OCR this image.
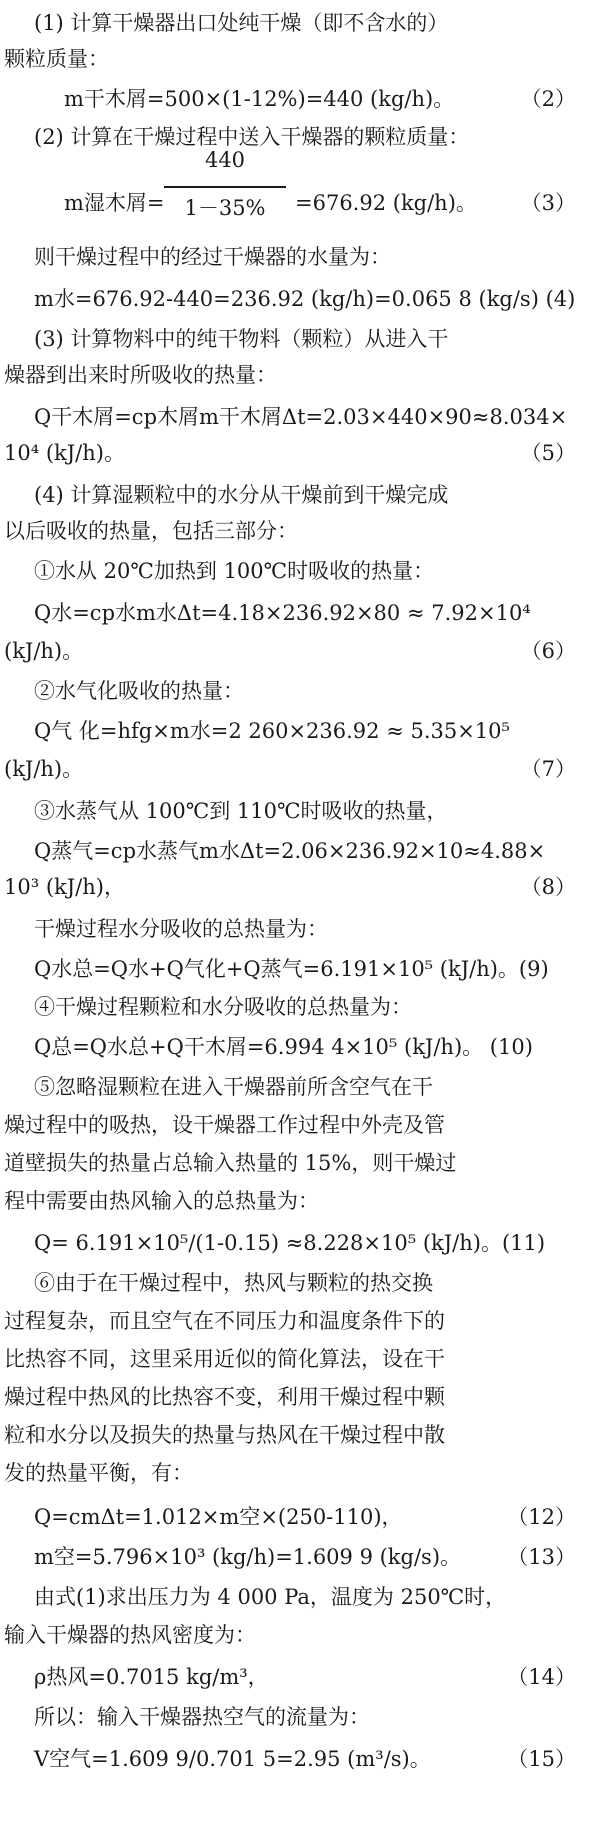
(1) 计算干燥器出口处纯干燥（即不含水的）
颗粒质量：
m干木屑=500×(1-12%)=440 (kg/h)。	（2）
(2) 计算在干燥过程中送入干燥器的颗粒质量：
m湿木屑=	=676.92 (kg/h)。 （3）
440
1－35%
则干燥过程中的经过干燥器的水量为：
m水=676.92-440=236.92 (kg/h)=0.065 8 (kg/s) (4)
(3) 计算物料中的纯干物料（颗粒）从进入干
燥器到出来时所吸收的热量：
Q干木屑=cp木屑m干木屑Δt=2.03×440×90≈8.034×
10⁴ (kJ/h)。	（5）
(4) 计算湿颗粒中的水分从干燥前到干燥完成
以后吸收的热量，包括三部分：
①水从 20℃加热到 100℃时吸收的热量：
Q水=cp水m水Δt=4.18×236.92×80 ≈ 7.92×10⁴
(kJ/h)。	（6）
②水气化吸收的热量：
Q气 化=hfg×m水=2 260×236.92 ≈ 5.35×10⁵
(kJ/h)。	（7）
③水蒸气从 100℃到 110℃时吸收的热量，
Q蒸气=cp水蒸气m水Δt=2.06×236.92×10≈4.88×
10³ (kJ/h)，	（8）
干燥过程水分吸收的总热量为：
Q水总=Q水+Q气化+Q蒸气=6.191×10⁵ (kJ/h)。(9)
④干燥过程颗粒和水分吸收的总热量为：
Q总=Q水总+Q干木屑=6.994 4×10⁵ (kJ/h)。 (10)
⑤忽略湿颗粒在进入干燥器前所含空气在干
燥过程中的吸热，设干燥器工作过程中外壳及管
道壁损失的热量占总输入热量的 15%，则干燥过
程中需要由热风输入的总热量为：
Q= 6.191×10⁵/(1-0.15) ≈8.228×10⁵ (kJ/h)。(11)
⑥由于在干燥过程中，热风与颗粒的热交换
过程复杂，而且空气在不同压力和温度条件下的
比热容不同，这里采用近似的简化算法，设在干
燥过程中热风的比热容不变，利用干燥过程中颗
粒和水分以及损失的热量与热风在干燥过程中散
发的热量平衡，有：
Q=cmΔt=1.012×m空×(250-110)，	（12）
m空=5.796×10³ (kg/h)=1.609 9 (kg/s)。 （13）
由式(1)求出压力为 4 000 Pa，温度为 250℃时，
输入干燥器的热风密度为：
ρ热风=0.7015 kg/m³，	（14）
所以：输入干燥器热空气的流量为：
V空气=1.609 9/0.701 5=2.95 (m³/s)。	（15）
